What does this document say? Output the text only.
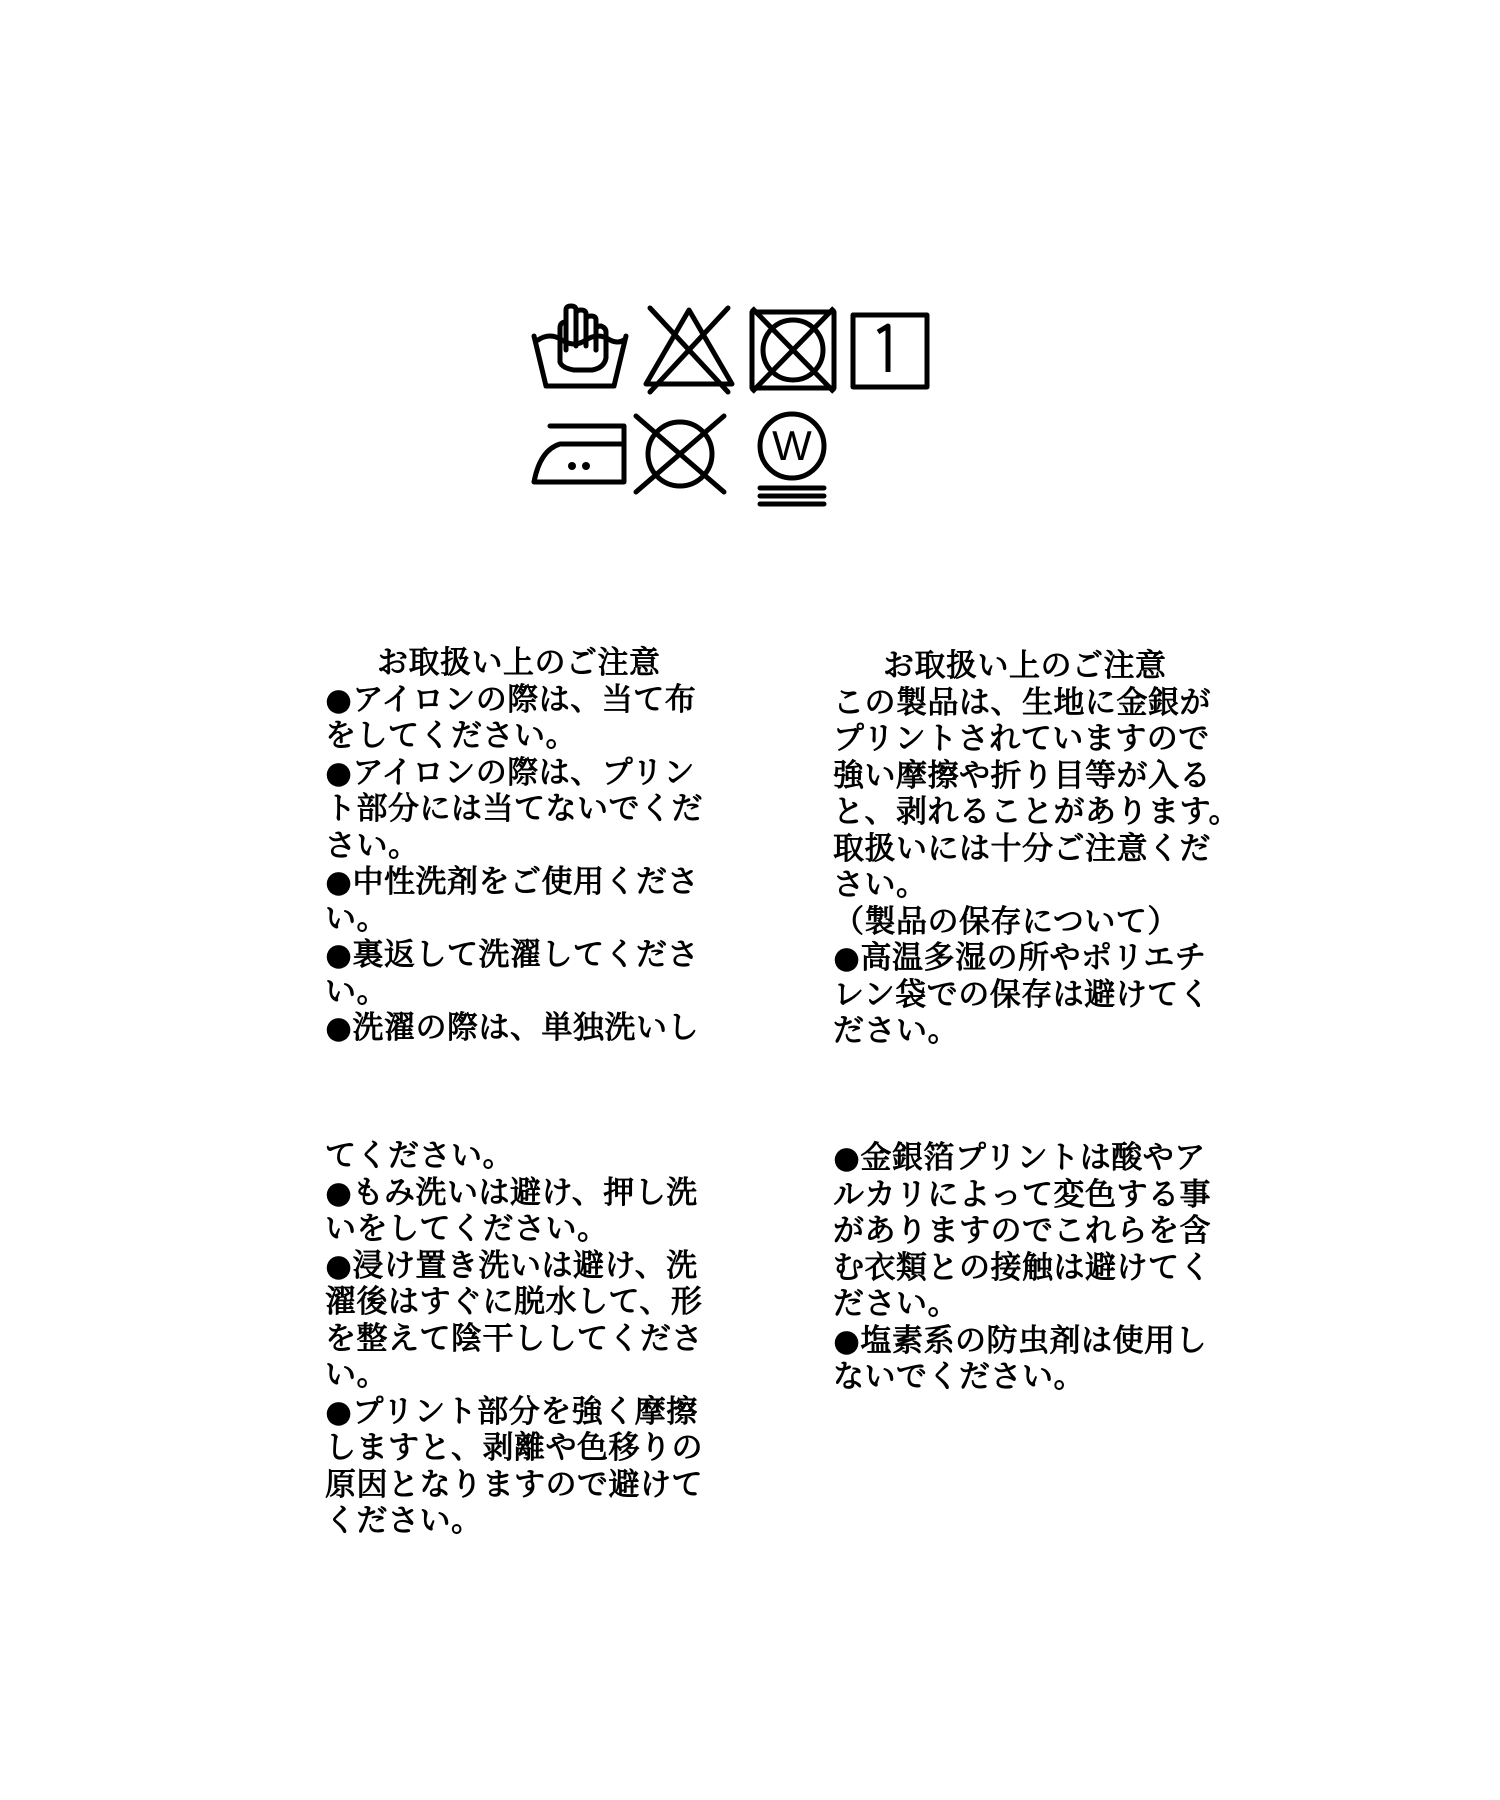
W
お取扱い上のご注意
●アイロンの際は、当て布
をしてください。
●アイロンの際は、プリン
ト部分には当てないでくだ
さい。
●中性洗剤をご使用くださ
い。
●裏返して洗濯してくださ
い。
●洗濯の際は、単独洗いし
お取扱い上のご注意
この製品は、生地に金銀が
プリントされていますので
強い摩擦や折り目等が入る
と、剥れることがあります。
取扱いには十分ご注意くだ
さい。
（製品の保存について）
●高温多湿の所やポリエチ
レン袋での保存は避けてく
ださい。
てください。
●もみ洗いは避け、押し洗
いをしてください。
●浸け置き洗いは避け、洗
濯後はすぐに脱水して、形
を整えて陰干ししてくださ
い。
●プリント部分を強く摩擦
しますと、剥離や色移りの
原因となりますので避けて
ください。
●金銀箔プリントは酸やア
ルカリによって変色する事
がありますのでこれらを含
む衣類との接触は避けてく
ださい。
●塩素系の防虫剤は使用し
ないでください。
